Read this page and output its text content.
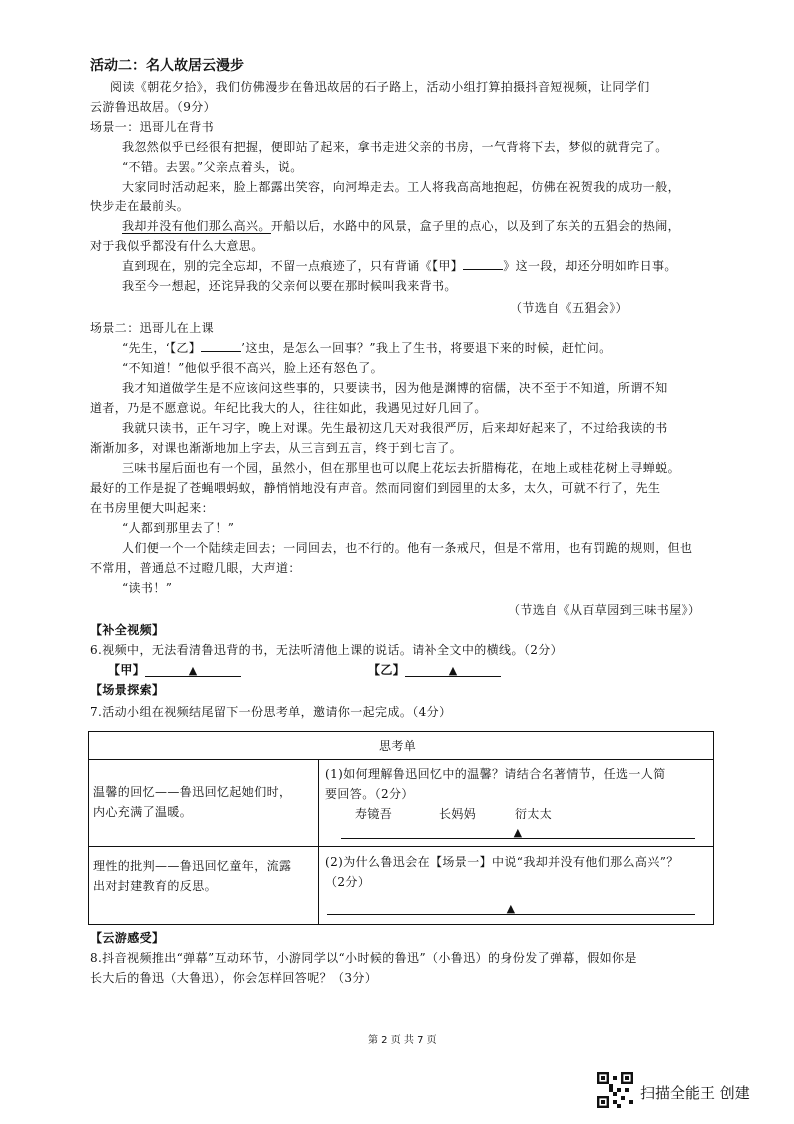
活动二：名人故居云漫步
阅读《朝花夕拾》，我们仿佛漫步在鲁迅故居的石子路上，活动小组打算拍摄抖音短视频，让同学们
云游鲁迅故居。（9分）
场景一：迅哥儿在背书
我忽然似乎已经很有把握，便即站了起来，拿书走进父亲的书房，一气背将下去，梦似的就背完了。
“不错。去罢。”父亲点着头，说。
大家同时活动起来，脸上都露出笑容，向河埠走去。工人将我高高地抱起，仿佛在祝贺我的成功一般，
快步走在最前头。
我却并没有他们那么高兴。开船以后，水路中的风景，盒子里的点心，以及到了东关的五猖会的热闹，
对于我似乎都没有什么大意思。
直到现在，别的完全忘却，不留一点痕迹了，只有背诵《【甲】	》这一段，却还分明如昨日事。
我至今一想起，还诧异我的父亲何以要在那时候叫我来背书。
（节选自《五猖会》）
场景二：迅哥儿在上课
“先生，‘【乙】	’这虫，是怎么一回事？”我上了生书，将要退下来的时候，赶忙问。
“不知道！”他似乎很不高兴，脸上还有怒色了。
我才知道做学生是不应该问这些事的，只要读书，因为他是渊博的宿儒，决不至于不知道，所谓不知
道者，乃是不愿意说。年纪比我大的人，往往如此，我遇见过好几回了。
我就只读书，正午习字，晚上对课。先生最初这几天对我很严厉，后来却好起来了，不过给我读的书
渐渐加多，对课也渐渐地加上字去，从三言到五言，终于到七言了。
三味书屋后面也有一个园，虽然小，但在那里也可以爬上花坛去折腊梅花，在地上或桂花树上寻蝉蜕。
最好的工作是捉了苍蝇喂蚂蚁，静悄悄地没有声音。然而同窗们到园里的太多，太久，可就不行了，先生
在书房里便大叫起来：
“人都到那里去了！”
人们便一个一个陆续走回去；一同回去，也不行的。他有一条戒尺，但是不常用，也有罚跪的规则，但也
不常用，普通总不过瞪几眼，大声道：
“读书！”
（节选自《从百草园到三味书屋》）
【补全视频】
6.视频中，无法看清鲁迅背的书，无法听清他上课的说话。请补全文中的横线。（2分）
【甲】	▲	【乙】	▲
【场景探索】
7.活动小组在视频结尾留下一份思考单，邀请你一起完成。（4分）
思考单
温馨的回忆——鲁迅回忆起她们时，
内心充满了温暖。
(1)如何理解鲁迅回忆中的温馨？请结合名著情节，任选一人简
要回答。（2分）
寿镜吾	长妈妈	衍太太
▲
理性的批判——鲁迅回忆童年，流露
出对封建教育的反思。
(2)为什么鲁迅会在【场景一】中说“我却并没有他们那么高兴”？
（2分）
▲
【云游感受】
8.抖音视频推出“弹幕”互动环节，小游同学以“小时候的鲁迅”（小鲁迅）的身份发了弹幕，假如你是
长大后的鲁迅（大鲁迅），你会怎样回答呢？（3分）
第 2 页 共 7 页
扫描全能王 创建
